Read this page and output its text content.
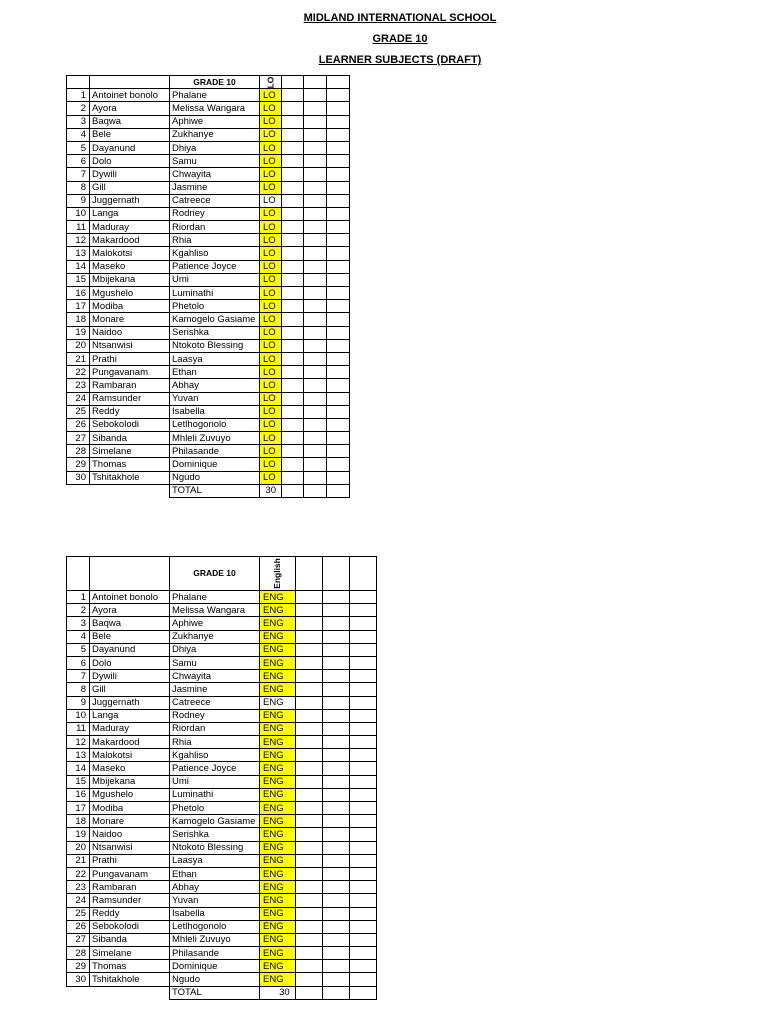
MIDLAND INTERNATIONAL SCHOOL
GRADE 10
LEARNER SUBJECTS (DRAFT)
		GRADE 10	LO			
1	Antoinet bonolo	Phalane	LO			
2	Ayora	Melissa Wangara	LO			
3	Baqwa	Aphiwe	LO			
4	Bele	Zukhanye	LO			
5	Dayanund	Dhiya	LO			
6	Dolo	Samu	LO			
7	Dywili	Chwayita	LO			
8	Gill	Jasmine	LO			
9	Juggernath	Catreece	LO			
10	Langa	Rodney	LO			
11	Maduray	Riordan	LO			
12	Makardood	Rhia	LO			
13	Malokotsi	Kgahliso	LO			
14	Maseko	Patience Joyce	LO			
15	Mbijekana	Umi	LO			
16	Mgushelo	Luminathi	LO			
17	Modiba	Phetolo	LO			
18	Monare	Kamogelo Gasiame	LO			
19	Naidoo	Serishka	LO			
20	Ntsanwisi	Ntokoto Blessing	LO			
21	Prathi	Laasya	LO			
22	Pungavanam	Ethan	LO			
23	Rambaran	Abhay	LO			
24	Ramsunder	Yuvan	LO			
25	Reddy	Isabella	LO			
26	Sebokolodi	Letlhogonolo	LO			
27	Sibanda	Mhleli Zuvuyo	LO			
28	Simelane	Philasande	LO			
29	Thomas	Dominique	LO			
30	Tshitakhole	Ngudo	LO			
		TOTAL	30			
		GRADE 10	English			
1	Antoinet bonolo	Phalane	ENG			
2	Ayora	Melissa Wangara	ENG			
3	Baqwa	Aphiwe	ENG			
4	Bele	Zukhanye	ENG			
5	Dayanund	Dhiya	ENG			
6	Dolo	Samu	ENG			
7	Dywili	Chwayita	ENG			
8	Gill	Jasmine	ENG			
9	Juggernath	Catreece	ENG			
10	Langa	Rodney	ENG			
11	Maduray	Riordan	ENG			
12	Makardood	Rhia	ENG			
13	Malokotsi	Kgahliso	ENG			
14	Maseko	Patience Joyce	ENG			
15	Mbijekana	Umi	ENG			
16	Mgushelo	Luminathi	ENG			
17	Modiba	Phetolo	ENG			
18	Monare	Kamogelo Gasiame	ENG			
19	Naidoo	Serishka	ENG			
20	Ntsanwisi	Ntokoto Blessing	ENG			
21	Prathi	Laasya	ENG			
22	Pungavanam	Ethan	ENG			
23	Rambaran	Abhay	ENG			
24	Ramsunder	Yuvan	ENG			
25	Reddy	Isabella	ENG			
26	Sebokolodi	Letlhogonolo	ENG			
27	Sibanda	Mhleli Zuvuyo	ENG			
28	Simelane	Philasande	ENG			
29	Thomas	Dominique	ENG			
30	Tshitakhole	Ngudo	ENG			
		TOTAL	30			
